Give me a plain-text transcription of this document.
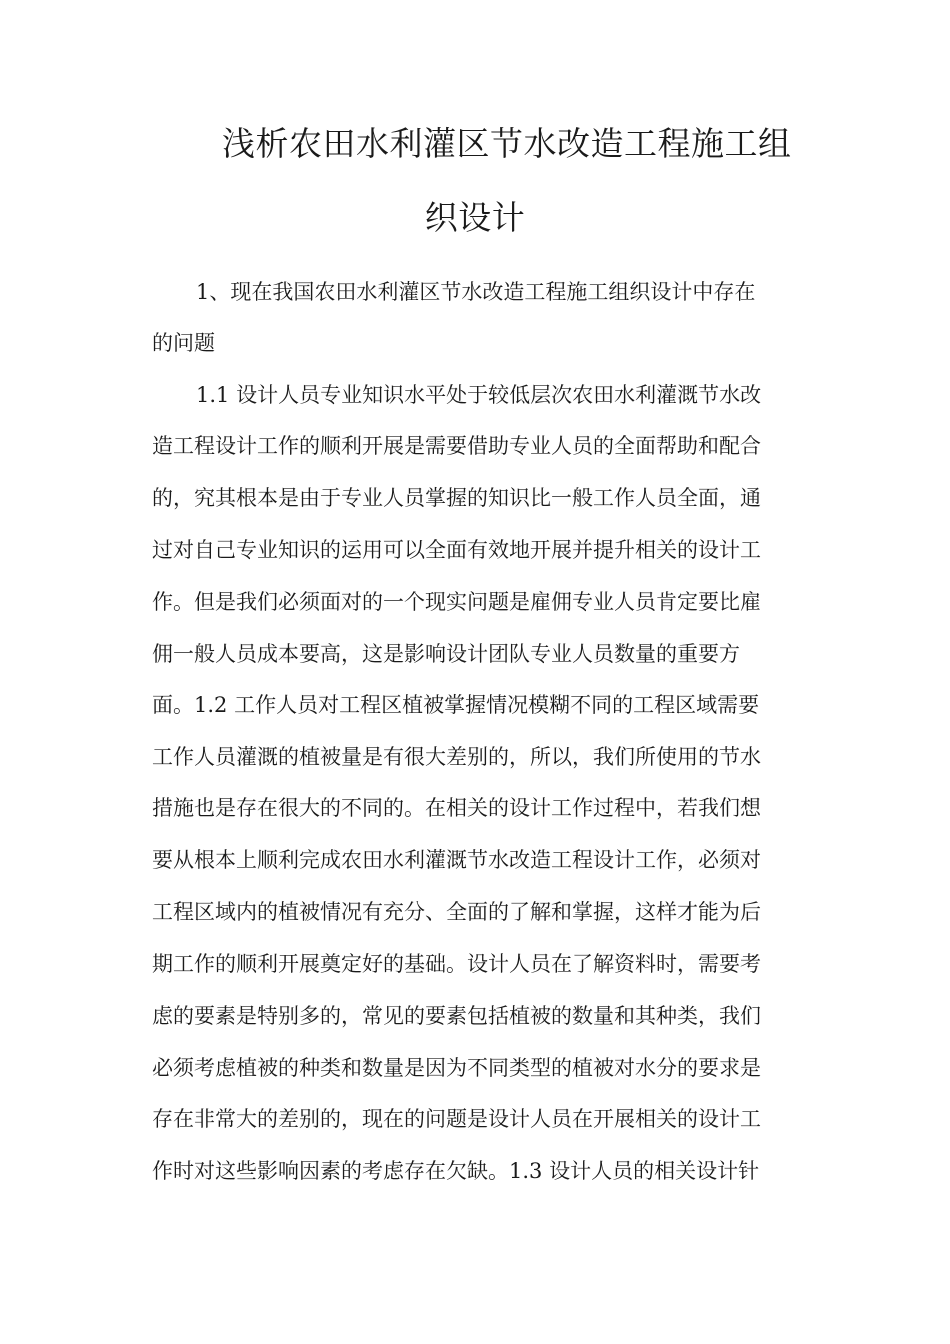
浅析农田水利灌区节水改造工程施工组
织设计
1、现在我国农田水利灌区节水改造工程施工组织设计中存在
的问题
1.1 设计人员专业知识水平处于较低层次农田水利灌溉节水改
造工程设计工作的顺利开展是需要借助专业人员的全面帮助和配合
的，究其根本是由于专业人员掌握的知识比一般工作人员全面，通
过对自己专业知识的运用可以全面有效地开展并提升相关的设计工
作。但是我们必须面对的一个现实问题是雇佣专业人员肯定要比雇
佣一般人员成本要高，这是影响设计团队专业人员数量的重要方
面。1.2 工作人员对工程区植被掌握情况模糊不同的工程区域需要
工作人员灌溉的植被量是有很大差别的，所以，我们所使用的节水
措施也是存在很大的不同的。在相关的设计工作过程中，若我们想
要从根本上顺利完成农田水利灌溉节水改造工程设计工作，必须对
工程区域内的植被情况有充分、全面的了解和掌握，这样才能为后
期工作的顺利开展奠定好的基础。设计人员在了解资料时，需要考
虑的要素是特别多的，常见的要素包括植被的数量和其种类，我们
必须考虑植被的种类和数量是因为不同类型的植被对水分的要求是
存在非常大的差别的，现在的问题是设计人员在开展相关的设计工
作时对这些影响因素的考虑存在欠缺。1.3 设计人员的相关设计针
